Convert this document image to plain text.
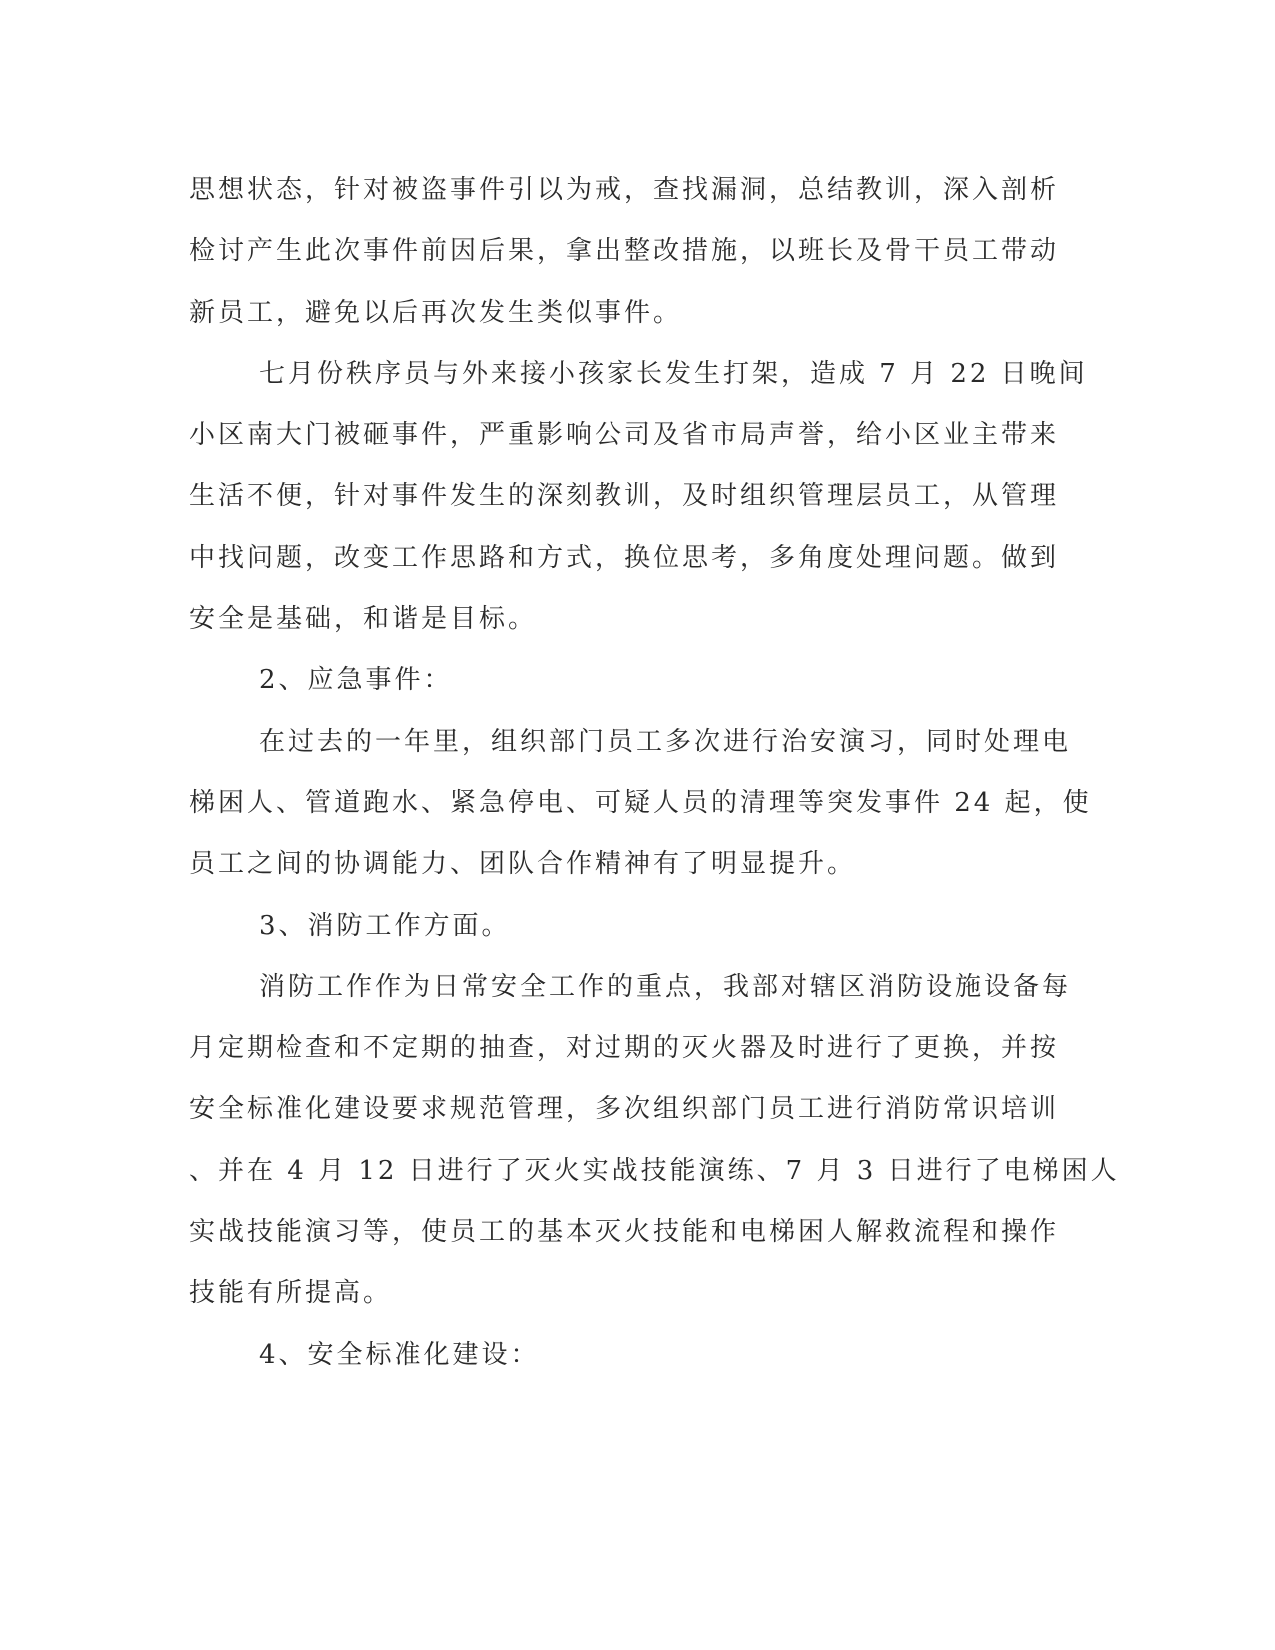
思想状态，针对被盗事件引以为戒，查找漏洞，总结教训，深入剖析
检讨产生此次事件前因后果，拿出整改措施，以班长及骨干员工带动
新员工，避免以后再次发生类似事件。
七月份秩序员与外来接小孩家长发生打架，造成 7 月 22 日晚间
小区南大门被砸事件，严重影响公司及省市局声誉，给小区业主带来
生活不便，针对事件发生的深刻教训，及时组织管理层员工，从管理
中找问题，改变工作思路和方式，换位思考，多角度处理问题。做到
安全是基础，和谐是目标。
2、应急事件：
在过去的一年里，组织部门员工多次进行治安演习，同时处理电
梯困人、管道跑水、紧急停电、可疑人员的清理等突发事件 24 起，使
员工之间的协调能力、团队合作精神有了明显提升。
3、消防工作方面。
消防工作作为日常安全工作的重点，我部对辖区消防设施设备每
月定期检查和不定期的抽查，对过期的灭火器及时进行了更换，并按
安全标准化建设要求规范管理，多次组织部门员工进行消防常识培训
、并在 4 月 12 日进行了灭火实战技能演练、7 月 3 日进行了电梯困人
实战技能演习等，使员工的基本灭火技能和电梯困人解救流程和操作
技能有所提高。
4、安全标准化建设：
